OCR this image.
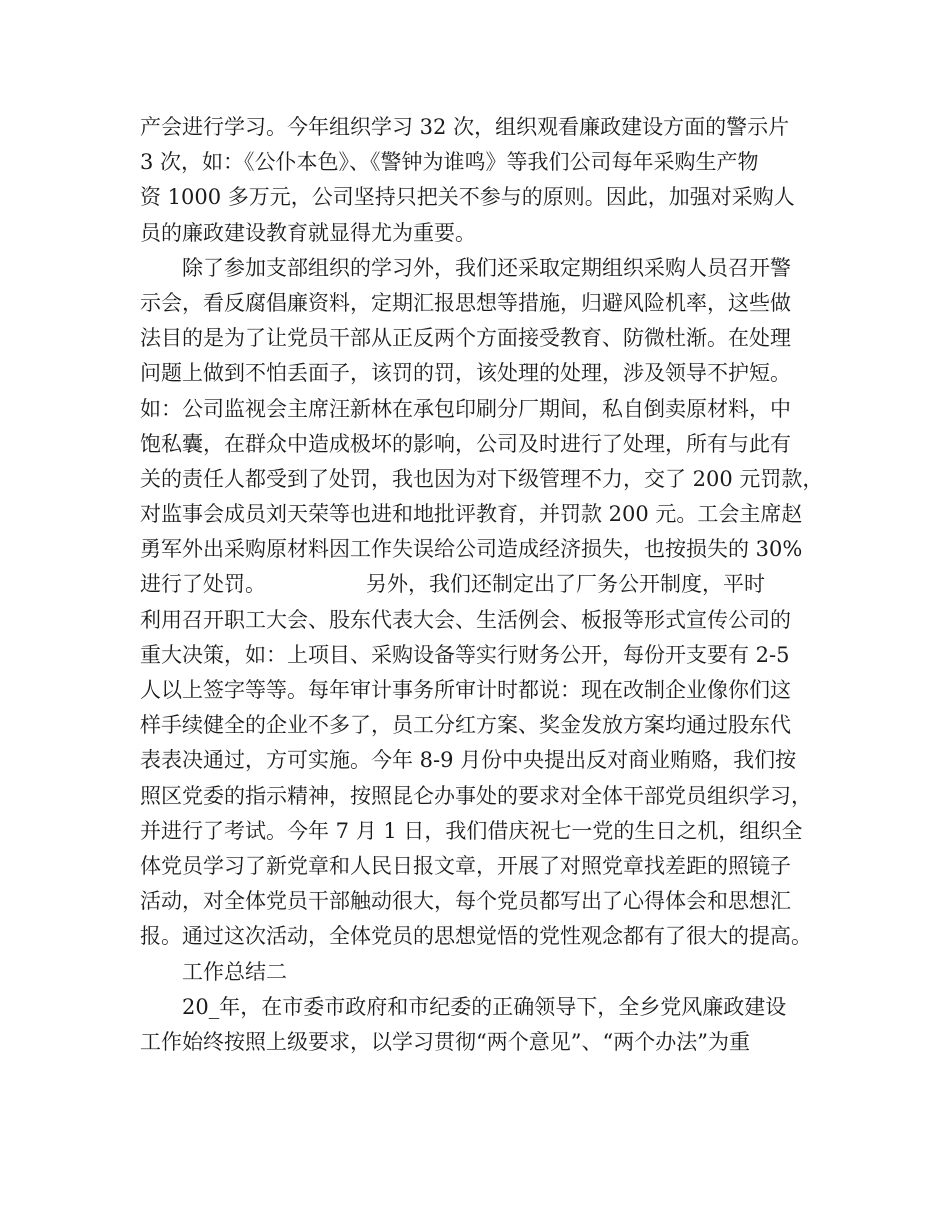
产会进行学习。今年组织学习 32 次，组织观看廉政建设方面的警示片
3 次，如：《公仆本色》、《警钟为谁鸣》等我们公司每年采购生产物
资 1000 多万元，公司坚持只把关不参与的原则。因此，加强对采购人
员的廉政建设教育就显得尤为重要。
除了参加支部组织的学习外，我们还采取定期组织采购人员召开警
示会，看反腐倡廉资料，定期汇报思想等措施，归避风险机率，这些做
法目的是为了让党员干部从正反两个方面接受教育、防微杜渐。在处理
问题上做到不怕丢面子，该罚的罚，该处理的处理，涉及领导不护短。
如：公司监视会主席汪新林在承包印刷分厂期间，私自倒卖原材料，中
饱私囊，在群众中造成极坏的影响，公司及时进行了处理，所有与此有
关的责任人都受到了处罚，我也因为对下级管理不力，交了 200 元罚款，
对监事会成员刘天荣等也进和地批评教育，并罚款 200 元。工会主席赵
勇军外出采购原材料因工作失误给公司造成经济损失，也按损失的 30%
进行了处罚。	另外，我们还制定出了厂务公开制度，平时
利用召开职工大会、股东代表大会、生活例会、板报等形式宣传公司的
重大决策，如：上项目、采购设备等实行财务公开，每份开支要有 2-5
人以上签字等等。每年审计事务所审计时都说：现在改制企业像你们这
样手续健全的企业不多了，员工分红方案、奖金发放方案均通过股东代
表表决通过，方可实施。今年 8-9 月份中央提出反对商业贿赂，我们按
照区党委的指示精神，按照昆仑办事处的要求对全体干部党员组织学习，
并进行了考试。今年 7 月 1 日，我们借庆祝七一党的生日之机，组织全
体党员学习了新党章和人民日报文章，开展了对照党章找差距的照镜子
活动，对全体党员干部触动很大，每个党员都写出了心得体会和思想汇
报。通过这次活动，全体党员的思想觉悟的党性观念都有了很大的提高。
工作总结二
20_年，在市委市政府和市纪委的正确领导下，全乡党风廉政建设
工作始终按照上级要求，以学习贯彻“两个意见”、“两个办法”为重
